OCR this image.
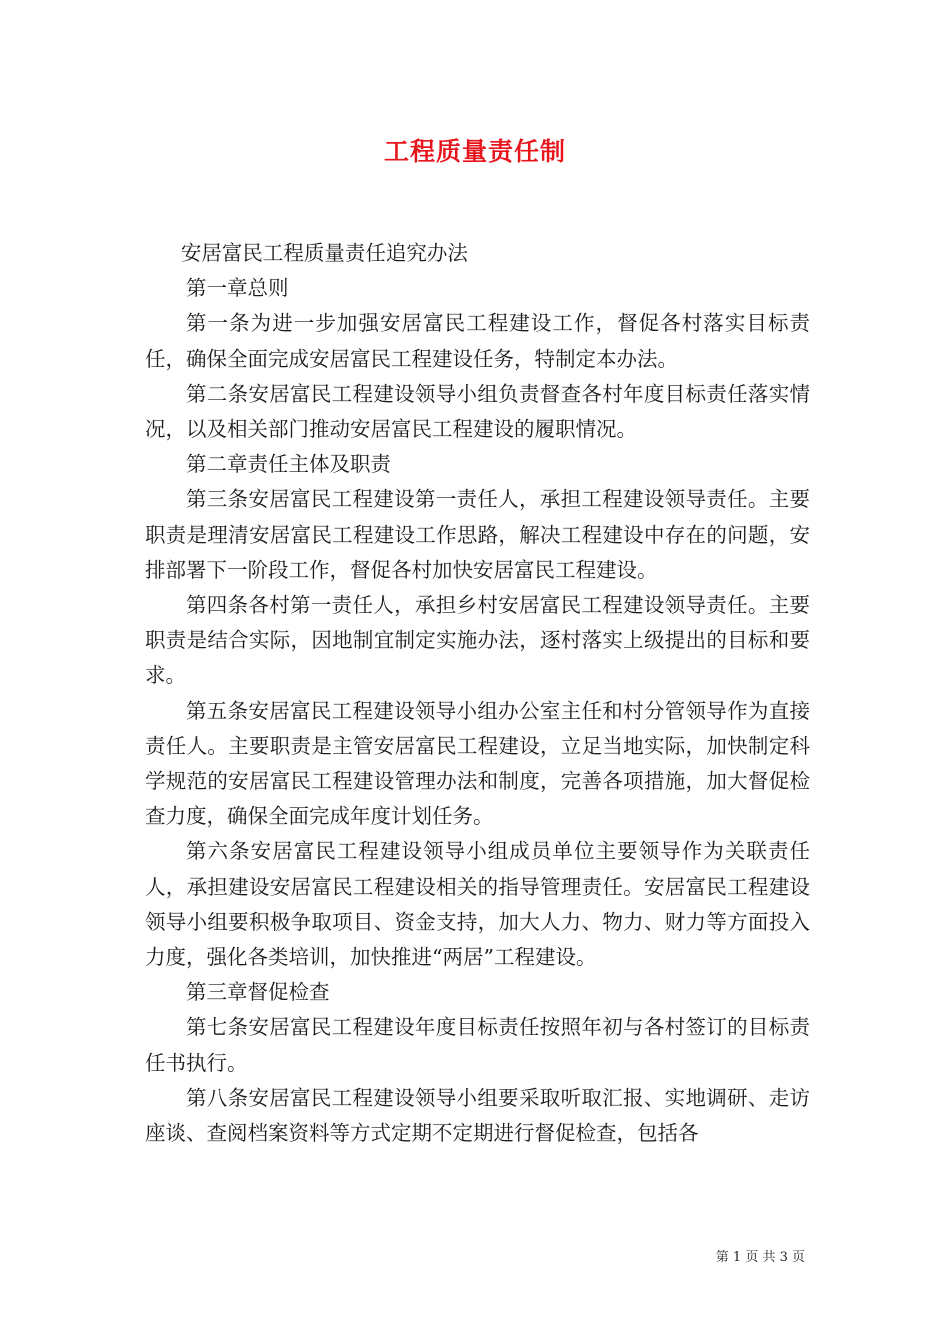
工程质量责任制

安居富民工程质量责任追究办法

第一章总则

第一条为进一步加强安居富民工程建设工作，督促各村落实目标责任，确保全面完成安居富民工程建设任务，特制定本办法。

第二条安居富民工程建设领导小组负责督查各村年度目标责任落实情况，以及相关部门推动安居富民工程建设的履职情况。

第二章责任主体及职责

第三条安居富民工程建设第一责任人，承担工程建设领导责任。主要职责是理清安居富民工程建设工作思路，解决工程建设中存在的问题，安排部署下一阶段工作，督促各村加快安居富民工程建设。

第四条各村第一责任人，承担乡村安居富民工程建设领导责任。主要职责是结合实际，因地制宜制定实施办法，逐村落实上级提出的目标和要求。

第五条安居富民工程建设领导小组办公室主任和村分管领导作为直接责任人。主要职责是主管安居富民工程建设，立足当地实际，加快制定科学规范的安居富民工程建设管理办法和制度，完善各项措施，加大督促检查力度，确保全面完成年度计划任务。

第六条安居富民工程建设领导小组成员单位主要领导作为关联责任人，承担建设安居富民工程建设相关的指导管理责任。安居富民工程建设领导小组要积极争取项目、资金支持，加大人力、物力、财力等方面投入力度，强化各类培训，加快推进“两居”工程建设。

第三章督促检查

第七条安居富民工程建设年度目标责任按照年初与各村签订的目标责任书执行。

第八条安居富民工程建设领导小组要采取听取汇报、实地调研、走访座谈、查阅档案资料等方式定期不定期进行督促检查，包括各

第 1 页 共 3 页
